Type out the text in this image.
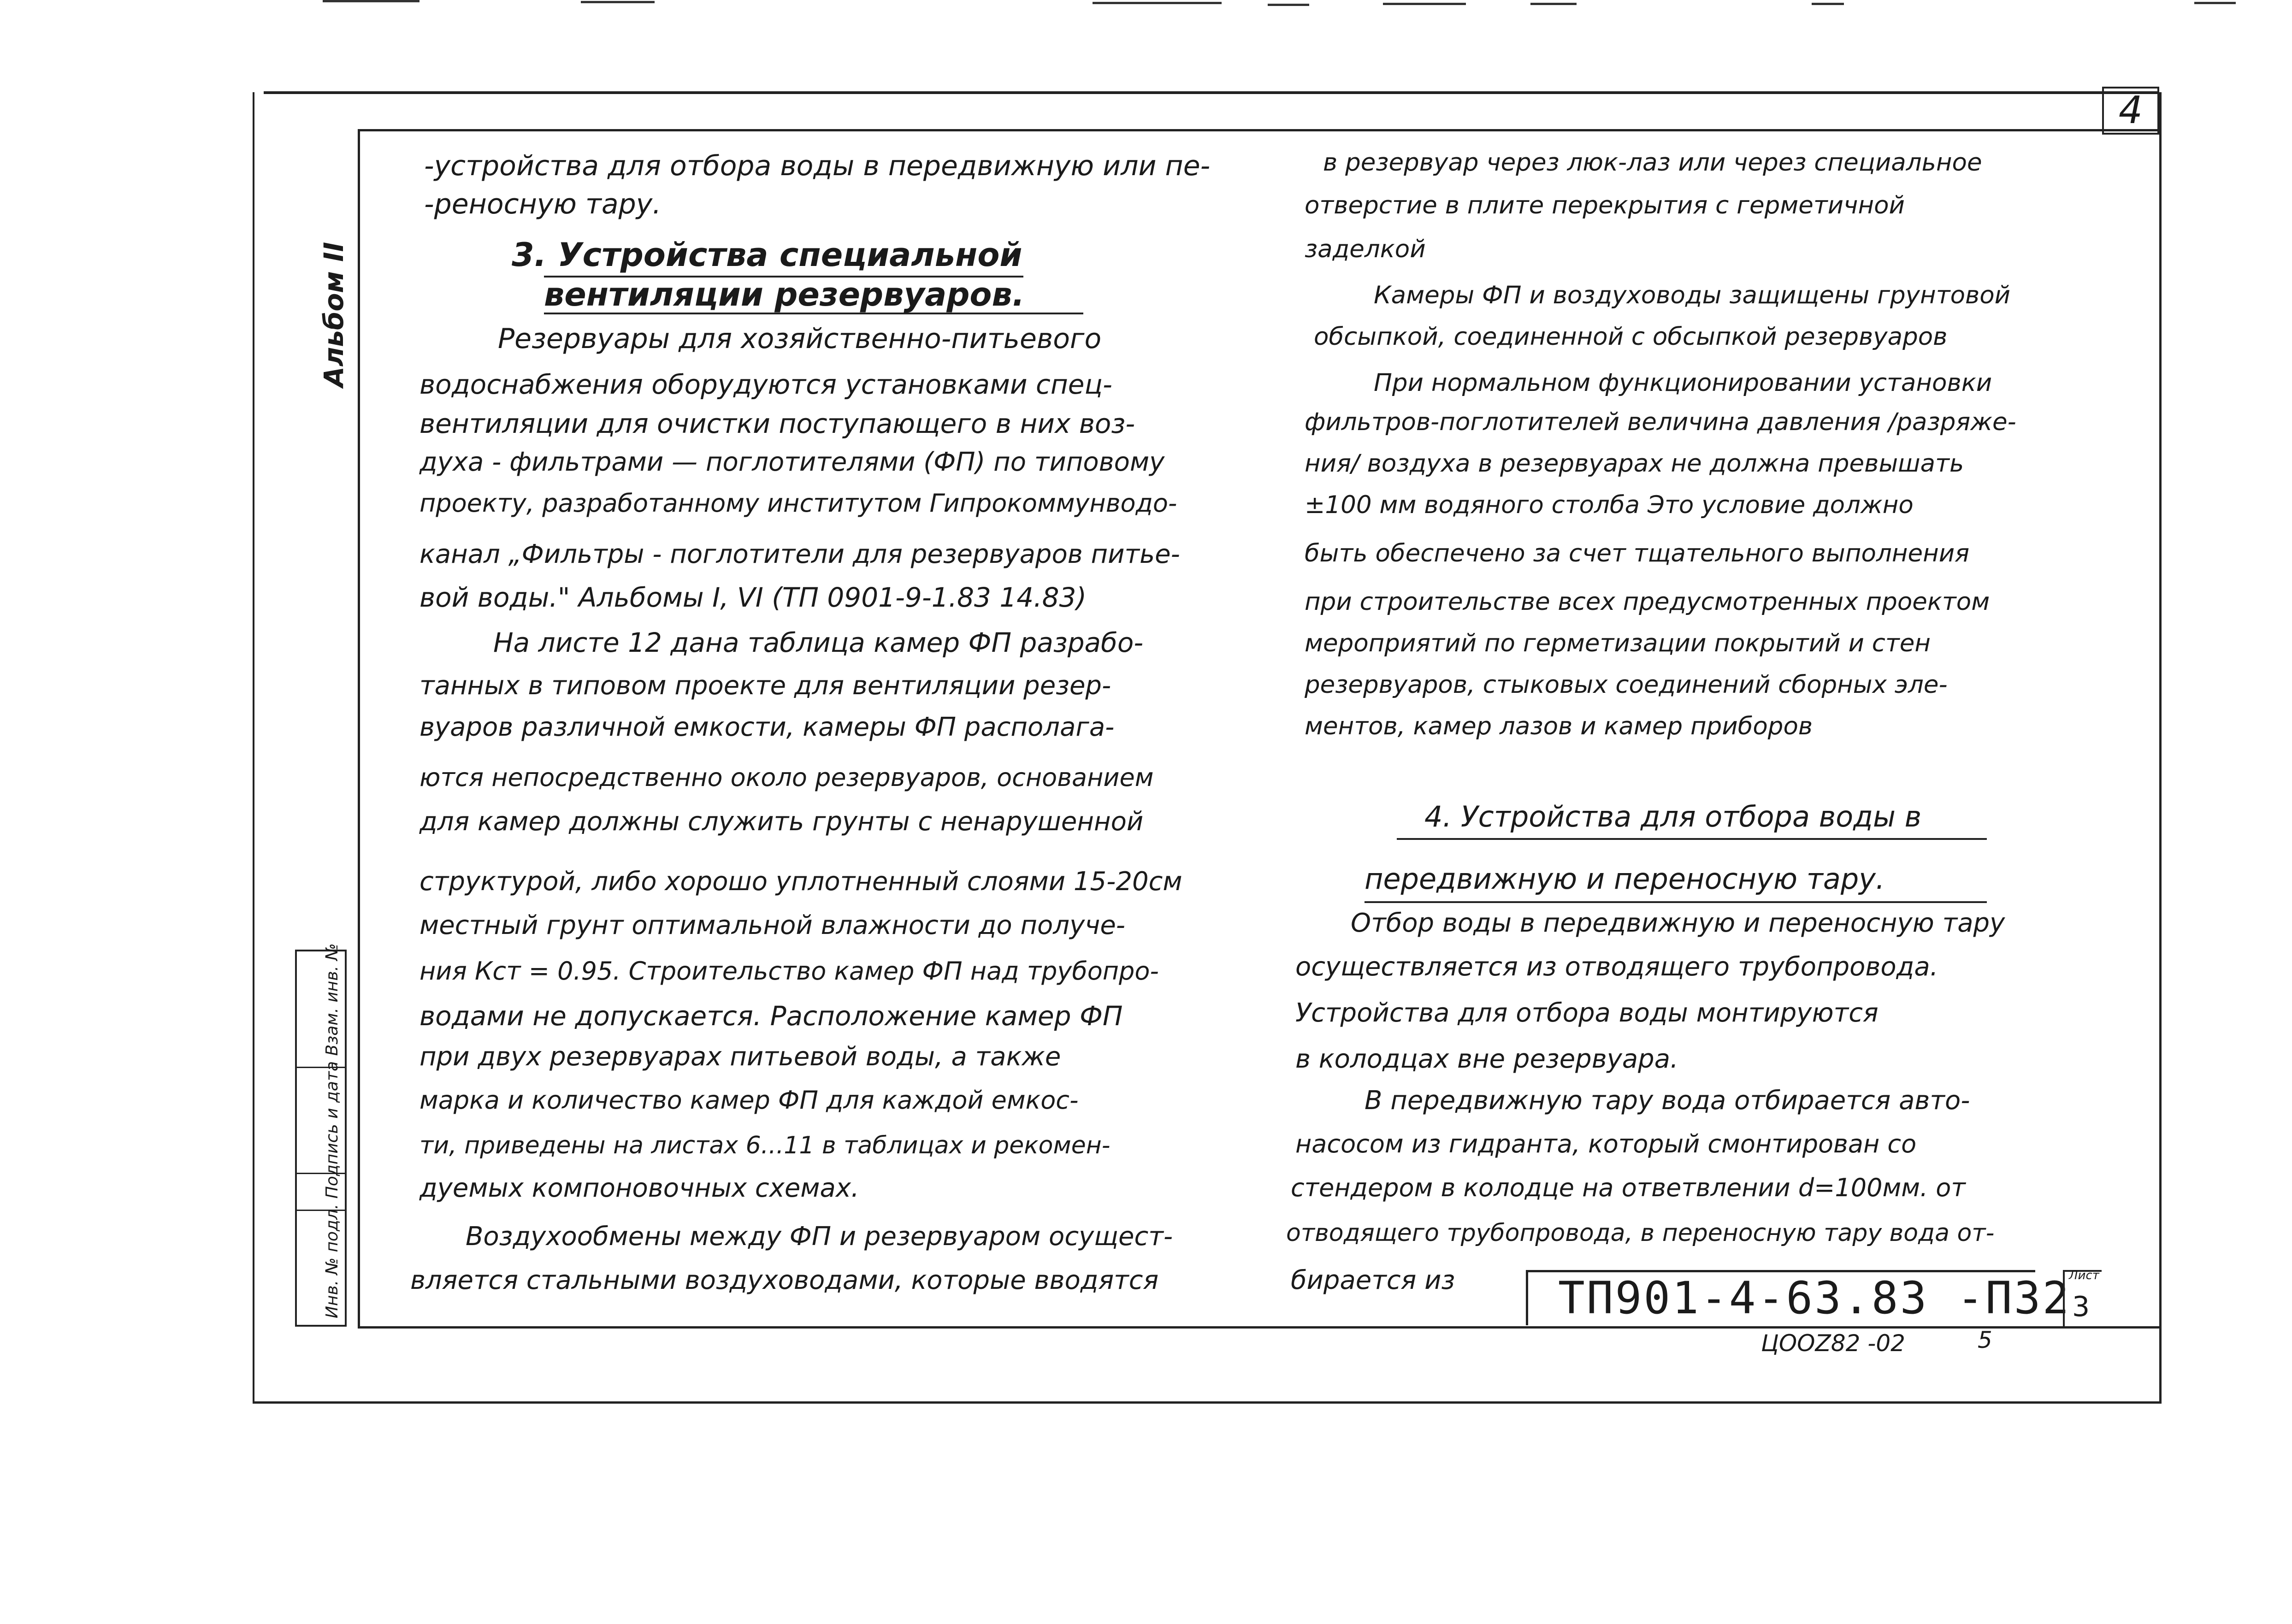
4
Альбом II
Инв. № подл. Подпись и дата Взам. инв. №
-устройства для отбора воды в передвижную или пе-
-реносную тару.
3. Устройства специальной
вентиляции резервуаров.
Резервуары для хозяйственно-питьевого
водоснабжения оборудуются установками спец-
вентиляции для очистки поступающего в них воз-
духа - фильтрами — поглотителями (ФП) по типовому
проекту, разработанному институтом Гипрокоммунводо-
канал „Фильтры - поглотители для резервуаров питье-
вой воды." Альбомы I, VI (ТП 0901-9-1.83 14.83)
На листе 12 дана таблица камер ФП разрабо-
танных в типовом проекте для вентиляции резер-
вуаров различной емкости, камеры ФП располага-
ются непосредственно около резервуаров, основанием
для камер должны служить грунты с ненарушенной
структурой, либо хорошо уплотненный слоями 15-20см
местный грунт оптимальной влажности до получе-
ния Кст = 0.95. Строительство камер ФП над трубопро-
водами не допускается. Расположение камер ФП
при двух резервуарах питьевой воды, а также
марка и количество камер ФП для каждой емкос-
ти, приведены на листах 6...11 в таблицах и рекомен-
дуемых компоновочных схемах.
Воздухообмены между ФП и резервуаром осущест-
вляется стальными воздуховодами, которые вводятся
в резервуар через люк-лаз или через специальное
отверстие в плите перекрытия с герметичной
заделкой
Камеры ФП и воздуховоды защищены грунтовой
обсыпкой, соединенной с обсыпкой резервуаров
При нормальном функционировании установки
фильтров-поглотителей величина давления /разряже-
ния/ воздуха в резервуарах не должна превышать
±100 мм водяного столба Это условие должно
быть обеспечено за счет тщательного выполнения
при строительстве всех предусмотренных проектом
мероприятий по герметизации покрытий и стен
резервуаров, стыковых соединений сборных эле-
ментов, камер лазов и камер приборов
4. Устройства для отбора воды в
передвижную и переносную тару.
Отбор воды в передвижную и переносную тару
осуществляется из отводящего трубопровода.
Устройства для отбора воды монтируются
в колодцах вне резервуара.
В передвижную тару вода отбирается авто-
насосом из гидранта, который смонтирован со
стендером в колодце на ответвлении d=100мм. от
отводящего трубопровода, в переносную тару вода от-
бирается из ТП901-4-63.83 -П32
Лист
3
ЦООZ82 -02	5
